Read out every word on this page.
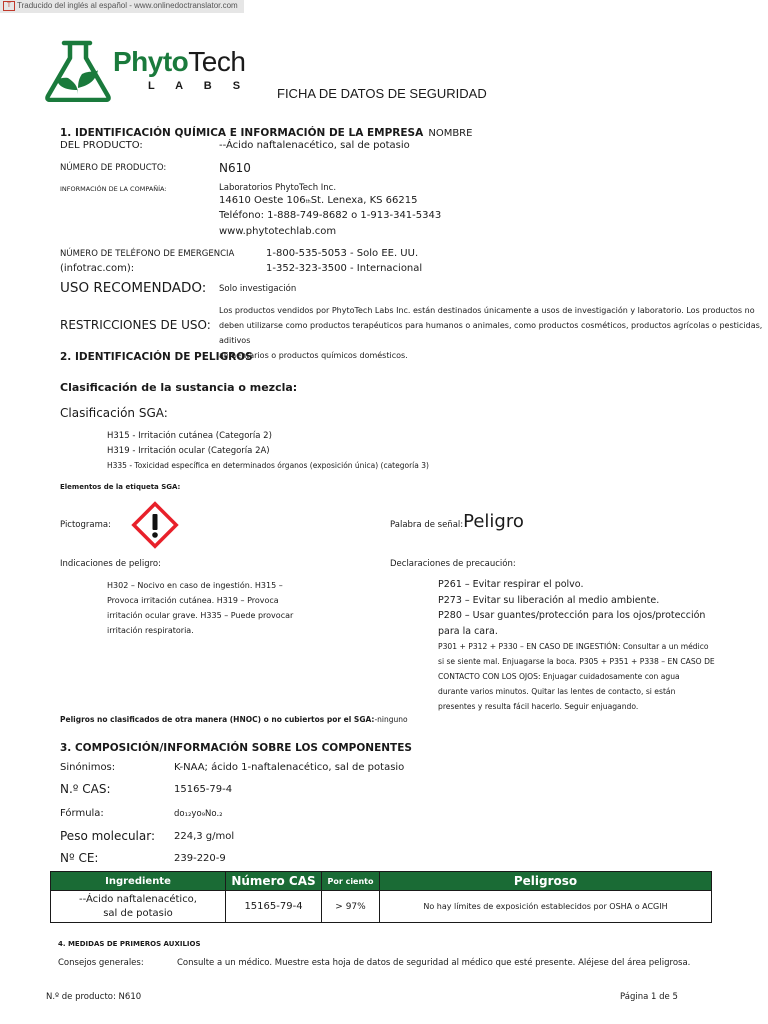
T Traducido del inglés al español - www.onlinedoctranslator.com
PhytoTech
L A B S FICHA DE DATOS DE SEGURIDAD
1. IDENTIFICACIÓN QUÍMICA E INFORMACIÓN DE LA EMPRESA NOMBRE
DEL PRODUCTO:	--Ácido naftalenacético, sal de potasio
NÚMERO DE PRODUCTO:	N610
INFORMACIÓN DE LA COMPAÑÍA:	Laboratorios PhytoTech Inc.
14610 Oeste 106thSt. Lenexa, KS 66215
Teléfono: 1-888-749-8682 o 1-913-341-5343
www.phytotechlab.com
NÚMERO DE TELÉFONO DE EMERGENCIA
(infotrac.com):
1-800-535-5053 - Solo EE. UU.
1-352-323-3500 - Internacional
USO RECOMENDADO: Solo investigación
RESTRICCIONES DE USO:
Los productos vendidos por PhytoTech Labs Inc. están destinados únicamente a usos de investigación y laboratorio. Los productos no
deben utilizarse como productos terapéuticos para humanos o animales, como productos cosméticos, productos agrícolas o pesticidas, aditivos
alimentarios o productos químicos domésticos.
2. IDENTIFICACIÓN DE PELIGROS
Clasificación de la sustancia o mezcla:
Clasificación SGA:
H315 - Irritación cutánea (Categoría 2)
H319 - Irritación ocular (Categoría 2A)
H335 - Toxicidad específica en determinados órganos (exposición única) (categoría 3)
Elementos de la etiqueta SGA:
Pictograma:	Palabra de señal:Peligro
Indicaciones de peligro:
H302 – Nocivo en caso de ingestión. H315 –
Provoca irritación cutánea. H319 – Provoca
irritación ocular grave. H335 – Puede provocar
irritación respiratoria.
Declaraciones de precaución:
P261 – Evitar respirar el polvo.
P273 – Evitar su liberación al medio ambiente.
P280 – Usar guantes/protección para los ojos/protección
para la cara.
P301 + P312 + P330 – EN CASO DE INGESTIÓN: Consultar a un médico
si se siente mal. Enjuagarse la boca. P305 + P351 + P338 – EN CASO DE
CONTACTO CON LOS OJOS: Enjuagar cuidadosamente con agua
durante varios minutos. Quitar las lentes de contacto, si están
presentes y resulta fácil hacerlo. Seguir enjuagando.
Peligros no clasificados de otra manera (HNOC) o no cubiertos por el SGA:-ninguno
3. COMPOSICIÓN/INFORMACIÓN SOBRE LOS COMPONENTES
Sinónimos:	K-NAA; ácido 1-naftalenacético, sal de potasio
N.º CAS:	15165-79-4
Fórmula:	do₁₂yo₉No.₂
Peso molecular: 224,3 g/mol
Nº CE:	239-220-9
Ingrediente	Número CAS	Por ciento	Peligroso

--Ácido naftalenacético,
sal de potasio	15165-79-4	> 97%	No hay límites de exposición establecidos por OSHA o ACGIH
4. MEDIDAS DE PRIMEROS AUXILIOS
Consejos generales:	Consulte a un médico. Muestre esta hoja de datos de seguridad al médico que esté presente. Aléjese del área peligrosa.
N.º de producto: N610	Página 1 de 5
